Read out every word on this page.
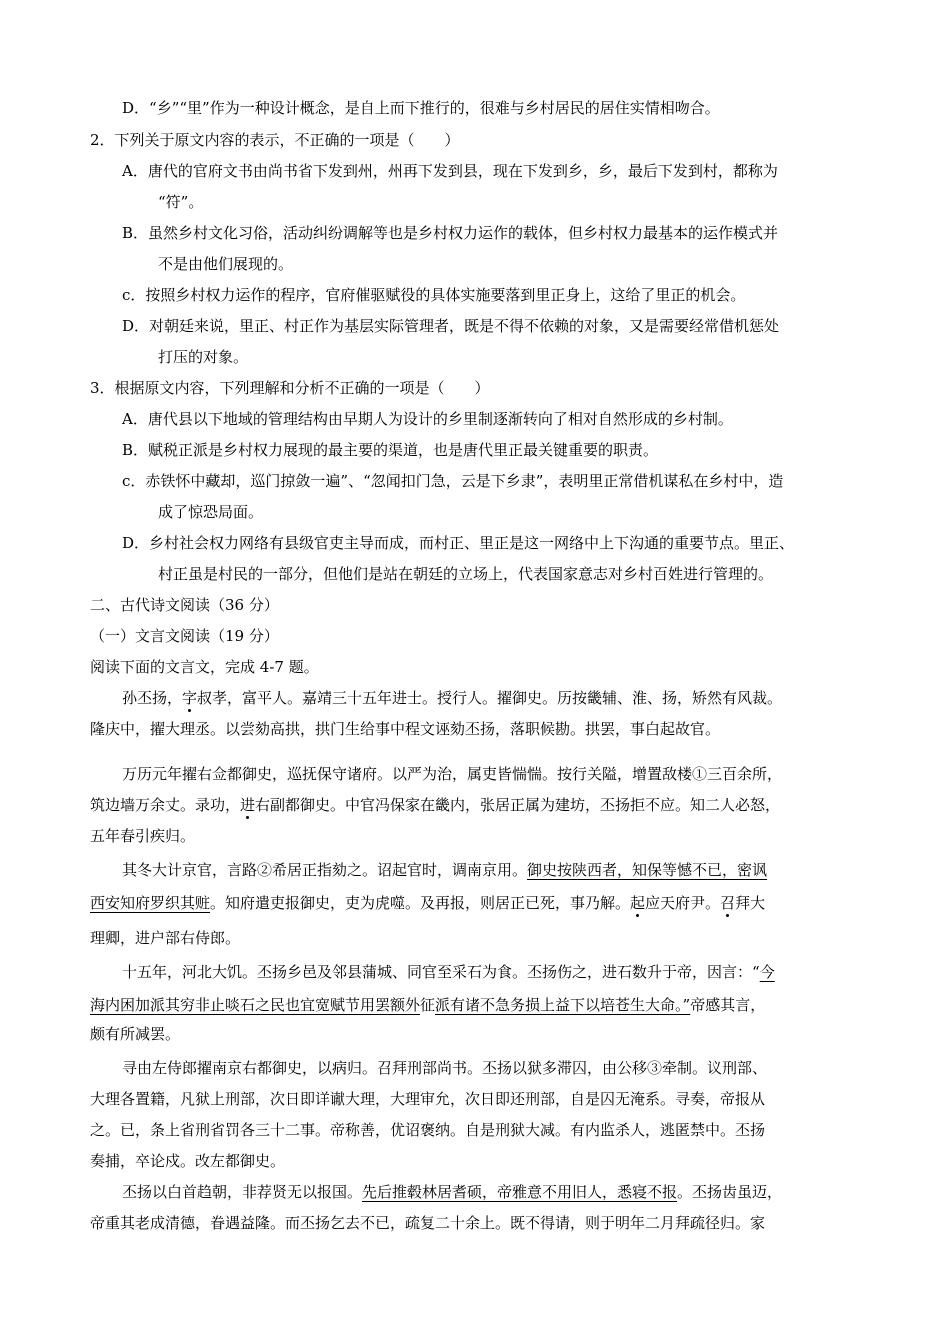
D．“乡”“里”作为一种设计概念，是自上而下推行的，很难与乡村居民的居住实情相吻合。
2．下列关于原文内容的表示，不正确的一项是（　　）
A．唐代的官府文书由尚书省下发到州，州再下发到县，现在下发到乡，乡，最后下发到村，都称为
“符”。
B．虽然乡村文化习俗，活动纠纷调解等也是乡村权力运作的载体，但乡村权力最基本的运作模式并
不是由他们展现的。
c．按照乡村权力运作的程序，官府催驱赋役的具体实施要落到里正身上，这给了里正的机会。
D．对朝廷来说，里正、村正作为基层实际管理者，既是不得不依赖的对象，又是需要经常借机惩处
打压的对象。
3．根据原文内容，下列理解和分析不正确的一项是（　　）
A．唐代县以下地域的管理结构由早期人为设计的乡里制逐渐转向了相对自然形成的乡村制。
B．赋税正派是乡村权力展现的最主要的渠道，也是唐代里正最关键重要的职责。
c．赤铁怀中藏却，巡门掠敛一遍”、“忽闻扣门急，云是下乡隶”，表明里正常借机谋私在乡村中，造
成了惊恐局面。
D．乡村社会权力网络有县级官吏主导而成，而村正、里正是这一网络中上下沟通的重要节点。里正、
村正虽是村民的一部分，但他们是站在朝廷的立场上，代表国家意志对乡村百姓进行管理的。
二、古代诗文阅读（36 分）
（一）文言文阅读（19 分）
阅读下面的文言文，完成 4-7 题。
孙丕扬，字叔孝，富平人。嘉靖三十五年进士。授行人。擢御史。历按畿辅、淮、扬，矫然有风裁。
隆庆中，擢大理丞。以尝劾高拱，拱门生给事中程文诬劾丕扬，落职候勘。拱罢，事白起故官。
万历元年擢右佥都御史，巡抚保守诸府。以严为治，属吏皆惴惴。按行关隘，增置敌楼①三百余所，
筑边墙万余丈。录功，进右副都御史。中官冯保家在畿内，张居正属为建坊，丕扬拒不应。知二人必怒，
五年春引疾归。
其冬大计京官，言路②希居正指劾之。诏起官时，调南京用。御史按陕西者，知保等憾不已，密讽
西安知府罗织其赃。知府遣吏报御史，吏为虎噬。及再报，则居正已死，事乃解。起应天府尹。召拜大
理卿，进户部右侍郎。
十五年，河北大饥。丕扬乡邑及邻县蒲城、同官至采石为食。丕扬伤之，进石数升于帝，因言：“今
海内困加派其穷非止啖石之民也宜宽赋节用罢额外征派有诸不急务损上益下以培苍生大命。”帝感其言，
颇有所减罢。
寻由左侍郎擢南京右都御史，以病归。召拜刑部尚书。丕扬以狱多滞囚，由公移③牵制。议刑部、
大理各置籍，凡狱上刑部，次日即详谳大理，大理审允，次日即还刑部，自是囚无淹系。寻奏，帝报从
之。已，条上省刑省罚各三十二事。帝称善，优诏褒纳。自是刑狱大减。有内监杀人，逃匿禁中。丕扬
奏捕，卒论戍。改左都御史。
丕扬以白首趋朝，非荐贤无以报国。先后推毂林居耆硕，帝雅意不用旧人，悉寝不报。丕扬齿虽迈，
帝重其老成清德，眷遇益隆。而丕扬乞去不已，疏复二十余上。既不得请，则于明年二月拜疏径归。家
